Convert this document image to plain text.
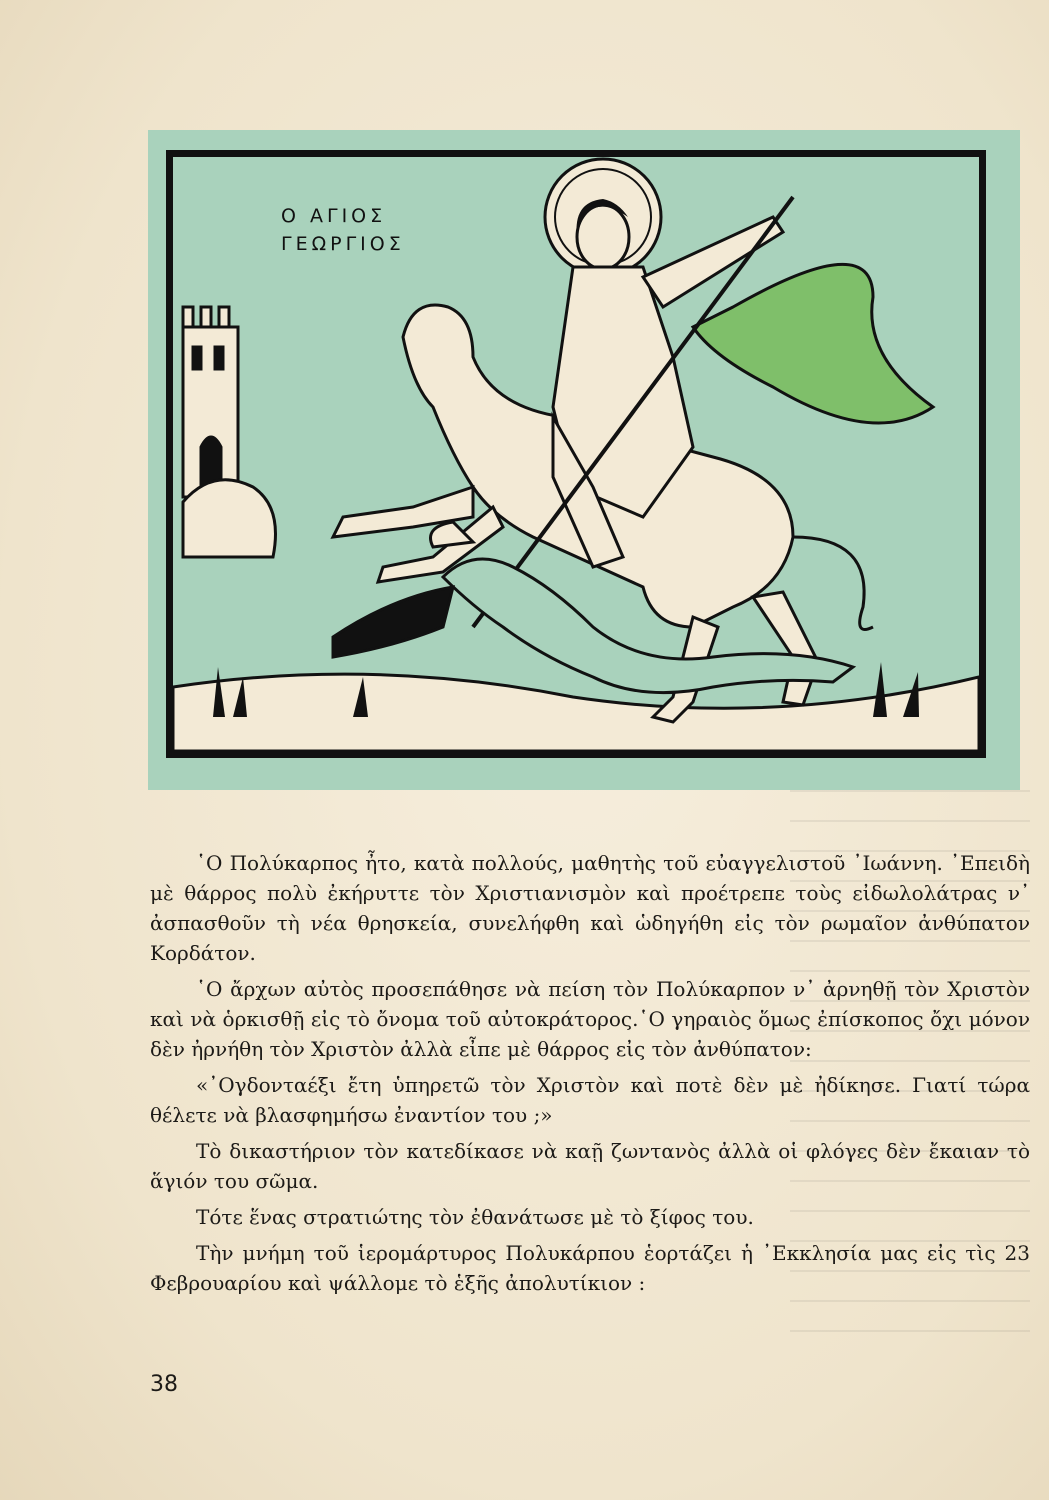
Ο ΑΓΙΟΣ
ΓΕΩΡΓΙΟΣ

῾Ο Πολύκαρπος ἦτο, κατὰ πολλούς, μαθητὴς τοῦ εὐαγγελιστοῦ ᾿Ιωάννη. ᾿Επειδὴ μὲ θάρρος πολὺ ἐκήρυττε τὸν Χριστιανισμὸν καὶ προέτρεπε τοὺς εἰδωλολάτρας ν᾿ ἀσπασθοῦν τὴ νέα θρησκεία, συνελήφθη καὶ ὡδηγήθη εἰς τὸν ρωμαῖον ἀνθύπατον Κορδάτον.

῾Ο ἄρχων αὐτὸς προσεπάθησε νὰ πείση τὸν Πολύκαρπον ν᾿ ἀρνηθῇ τὸν Χριστὸν καὶ νὰ ὁρκισθῇ εἰς τὸ ὄνομα τοῦ αὐτοκράτορος.῾Ο γηραιὸς ὅμως ἐπίσκοπος ὄχι μόνον δὲν ἠρνήθη τὸν Χριστὸν ἀλλὰ εἶπε μὲ θάρρος εἰς τὸν ἀνθύπατον:

«᾿Ογδονταέξι ἔτη ὑπηρετῶ τὸν Χριστὸν καὶ ποτὲ δὲν μὲ ἠδίκησε. Γιατί τώρα θέλετε νὰ βλασφημήσω ἐναντίον του ;»

Τὸ δικαστήριον τὸν κατεδίκασε νὰ καῇ ζωντανὸς ἀλλὰ οἱ φλόγες δὲν ἔκαιαν τὸ ἅγιόν του σῶμα.

Τότε ἕνας στρατιώτης τὸν ἐθανάτωσε μὲ τὸ ξίφος του.

Τὴν μνήμη τοῦ ἱερομάρτυρος Πολυκάρπου ἑορτάζει ἡ ᾿Εκκλησία μας εἰς τὶς 23 Φεβρουαρίου καὶ ψάλλομε τὸ ἑξῆς ἀπολυτίκιον :

38
